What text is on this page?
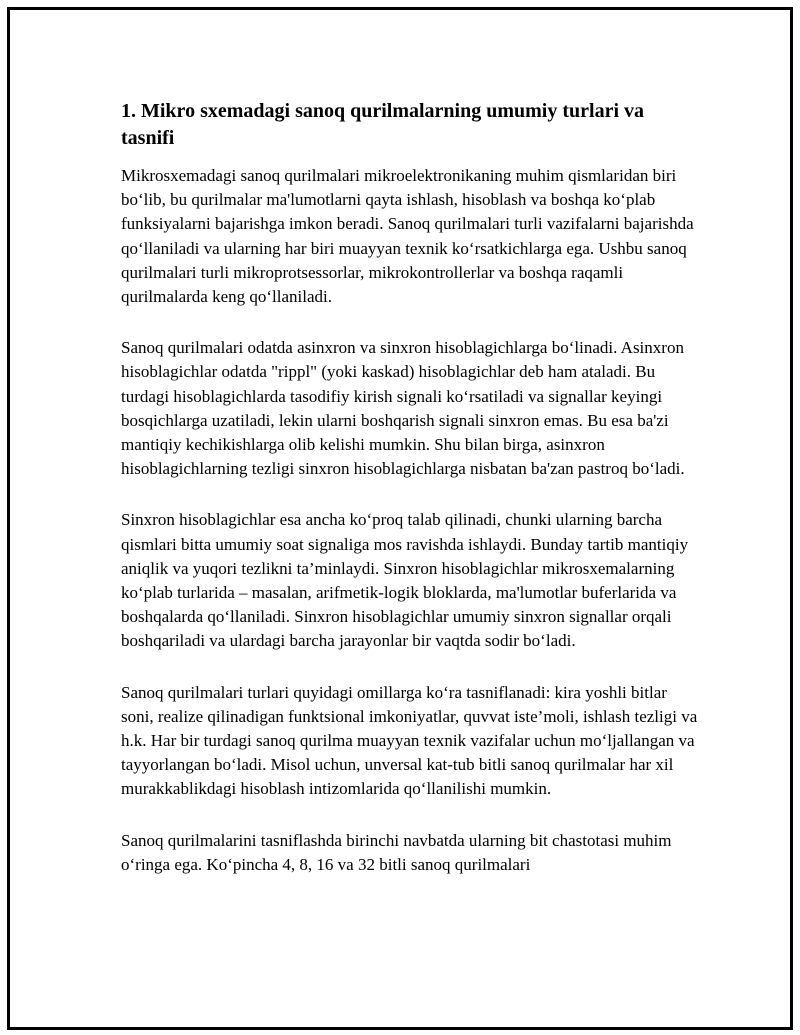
1. Mikro sxemadagi sanoq qurilmalarning umumiy turlari va tasnifi

Mikrosxemadagi sanoq qurilmalari mikroelektronikaning muhim qismlaridan biri bo‘lib, bu qurilmalar ma'lumotlarni qayta ishlash, hisoblash va boshqa ko‘plab funksiyalarni bajarishga imkon beradi. Sanoq qurilmalari turli vazifalarni bajarishda qo‘llaniladi va ularning har biri muayyan texnik ko‘rsatkichlarga ega. Ushbu sanoq qurilmalari turli mikroprotsessorlar, mikrokontrollerlar va boshqa raqamli qurilmalarda keng qo‘llaniladi.

Sanoq qurilmalari odatda asinxron va sinxron hisoblagichlarga bo‘linadi. Asinxron hisoblagichlar odatda "rippl" (yoki kaskad) hisoblagichlar deb ham ataladi. Bu turdagi hisoblagichlarda tasodifiy kirish signali ko‘rsatiladi va signallar keyingi bosqichlarga uzatiladi, lekin ularni boshqarish signali sinxron emas. Bu esa ba'zi mantiqiy kechikishlarga olib kelishi mumkin. Shu bilan birga, asinxron hisoblagichlarning tezligi sinxron hisoblagichlarga nisbatan ba'zan pastroq bo‘ladi.

Sinxron hisoblagichlar esa ancha ko‘proq talab qilinadi, chunki ularning barcha qismlari bitta umumiy soat signaliga mos ravishda ishlaydi. Bunday tartib mantiqiy aniqlik va yuqori tezlikni ta’minlaydi. Sinxron hisoblagichlar mikrosxemalarning ko‘plab turlarida – masalan, arifmetik-logik bloklarda, ma'lumotlar buferlarida va boshqalarda qo‘llaniladi. Sinxron hisoblagichlar umumiy sinxron signallar orqali boshqariladi va ulardagi barcha jarayonlar bir vaqtda sodir bo‘ladi.

Sanoq qurilmalari turlari quyidagi omillarga ko‘ra tasniflanadi: kira yoshli bitlar soni, realize qilinadigan funktsional imkoniyatlar, quvvat iste’moli, ishlash tezligi va h.k. Har bir turdagi sanoq qurilma muayyan texnik vazifalar uchun mo‘ljallangan va tayyorlangan bo‘ladi. Misol uchun, unversal kat-tub bitli sanoq qurilmalar har xil murakkablikdagi hisoblash intizomlarida qo‘llanilishi mumkin.

Sanoq qurilmalarini tasniflashda birinchi navbatda ularning bit chastotasi muhim o‘ringa ega. Ko‘pincha 4, 8, 16 va 32 bitli sanoq qurilmalari
